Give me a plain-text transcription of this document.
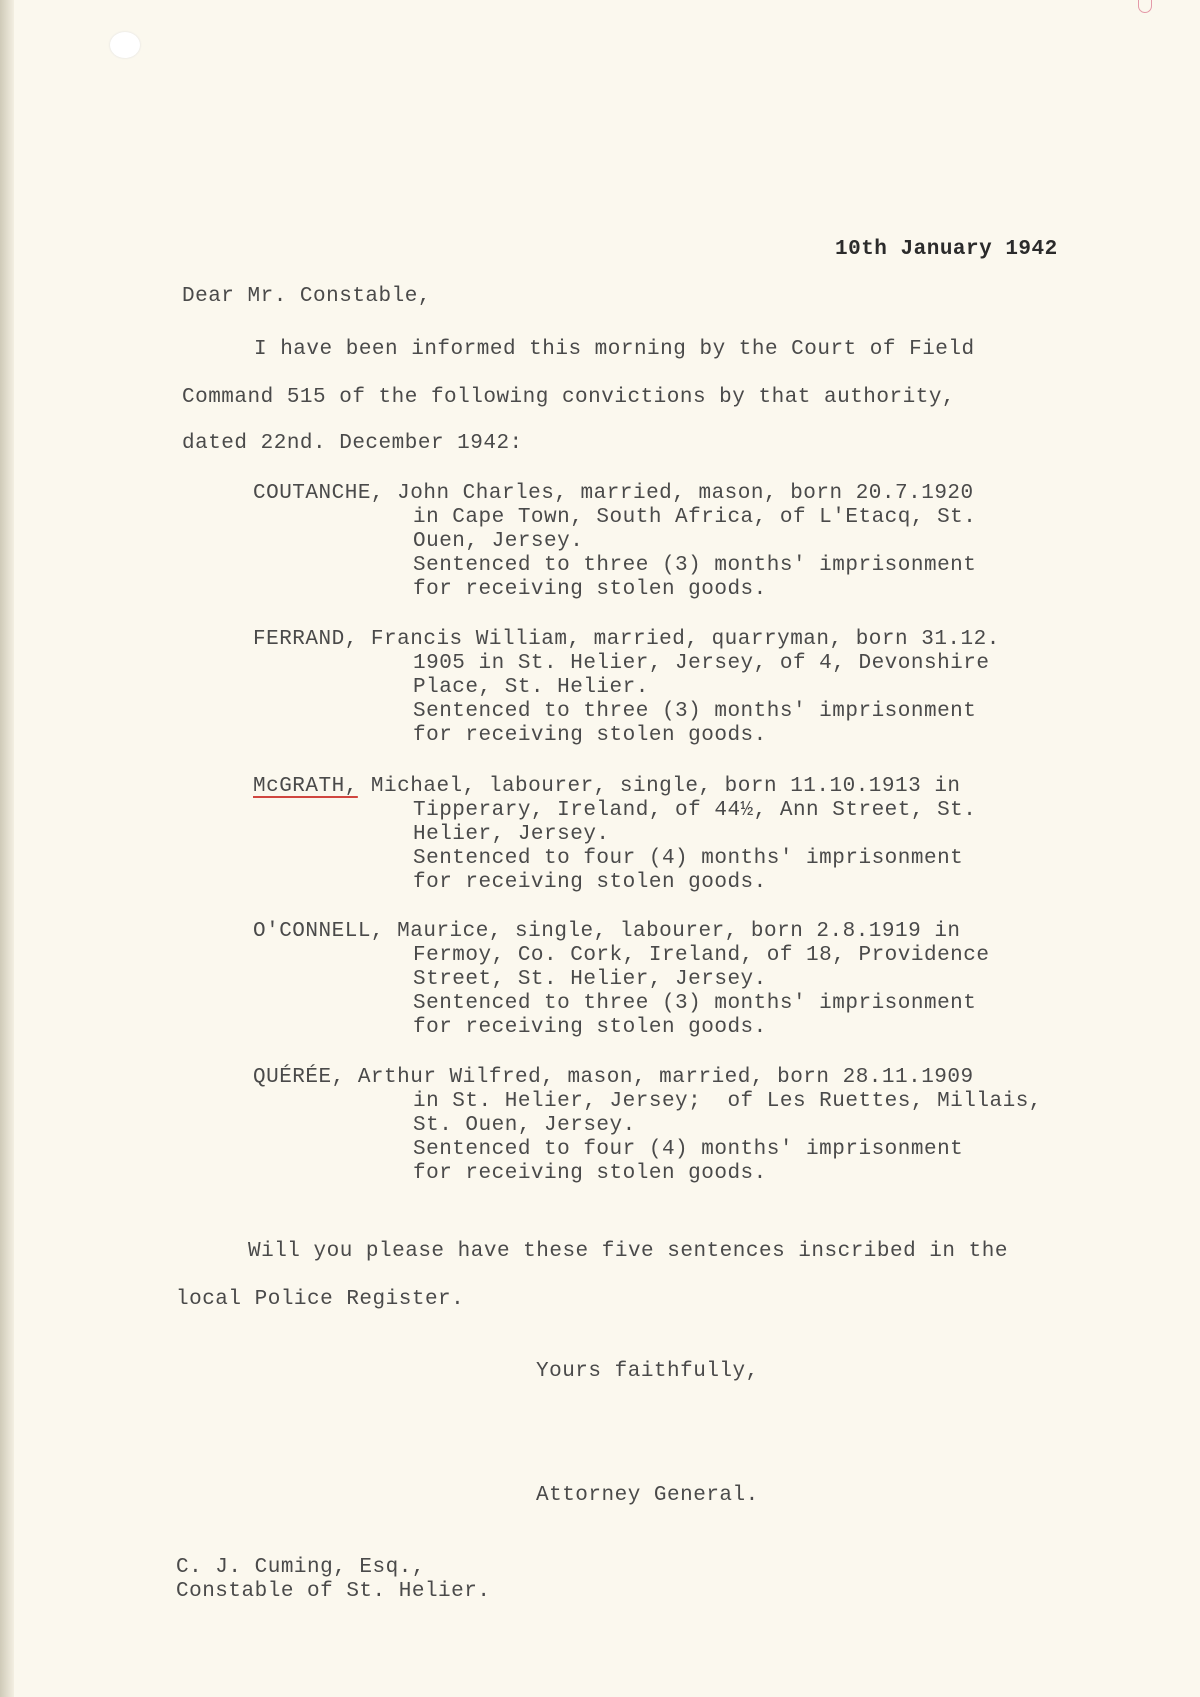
10th January 1942
Dear Mr. Constable,
I have been informed this morning by the Court of Field
Command 515 of the following convictions by that authority,
dated 22nd. December 1942:
COUTANCHE, John Charles, married, mason, born 20.7.1920
in Cape Town, South Africa, of L'Etacq, St.
Ouen, Jersey.
Sentenced to three (3) months' imprisonment
for receiving stolen goods.
FERRAND, Francis William, married, quarryman, born 31.12.
1905 in St. Helier, Jersey, of 4, Devonshire
Place, St. Helier.
Sentenced to three (3) months' imprisonment
for receiving stolen goods.
McGRATH, Michael, labourer, single, born 11.10.1913 in
Tipperary, Ireland, of 44½, Ann Street, St.
Helier, Jersey.
Sentenced to four (4) months' imprisonment
for receiving stolen goods.
O'CONNELL, Maurice, single, labourer, born 2.8.1919 in
Fermoy, Co. Cork, Ireland, of 18, Providence
Street, St. Helier, Jersey.
Sentenced to three (3) months' imprisonment
for receiving stolen goods.
QUÉRÉE, Arthur Wilfred, mason, married, born 28.11.1909
in St. Helier, Jersey;  of Les Ruettes, Millais,
St. Ouen, Jersey.
Sentenced to four (4) months' imprisonment
for receiving stolen goods.
Will you please have these five sentences inscribed in the
local Police Register.
Yours faithfully,
Attorney General.
C. J. Cuming, Esq.,
Constable of St. Helier.
